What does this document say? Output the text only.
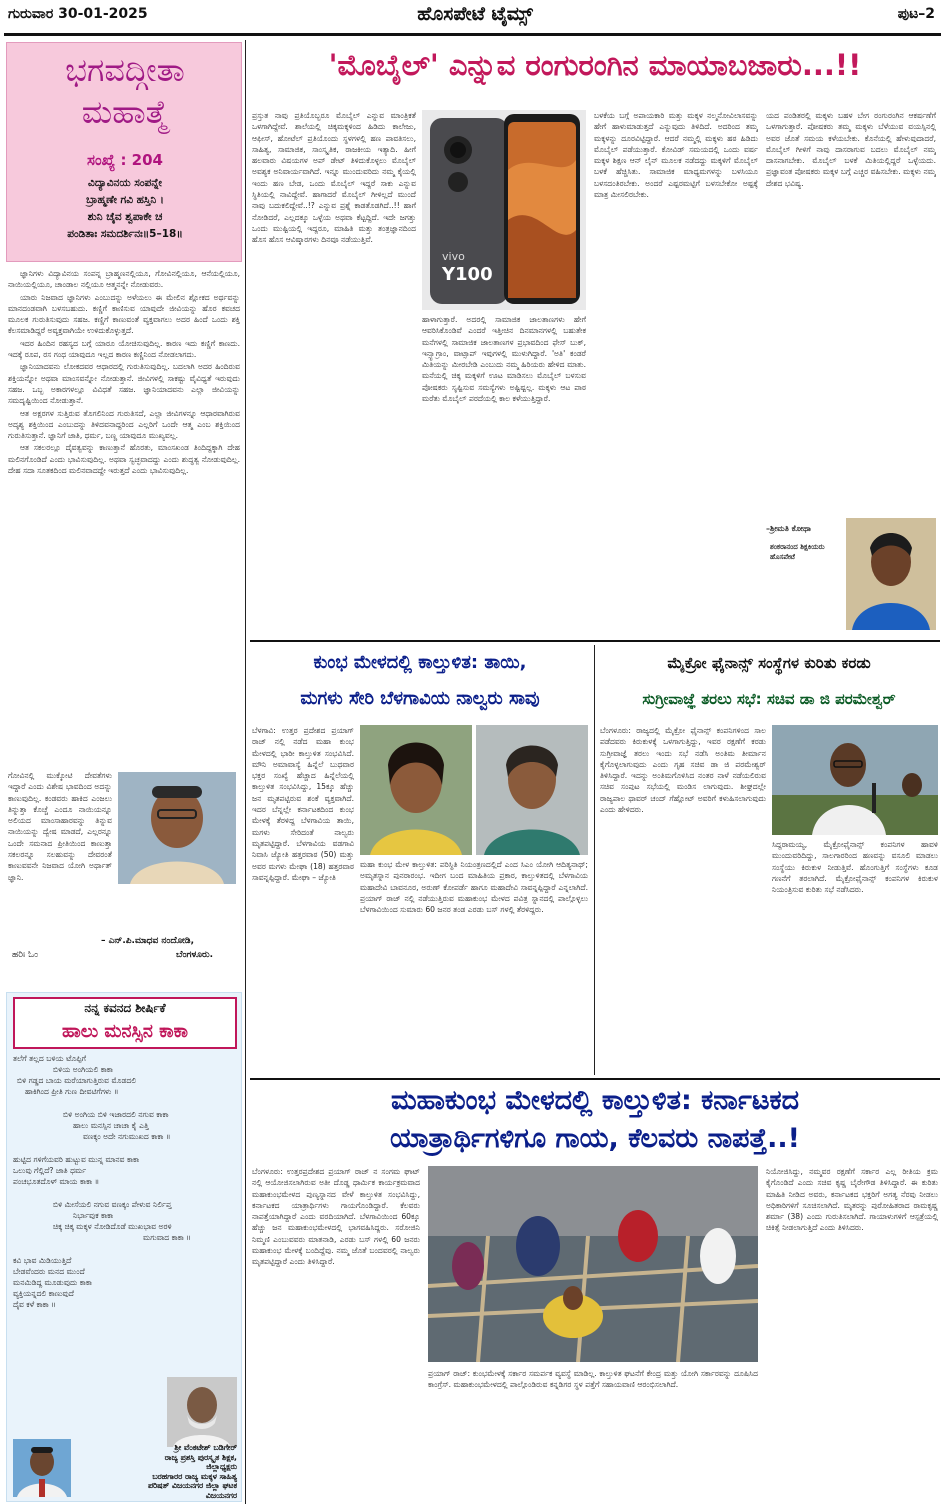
ಗುರುವಾರ 30-01-2025	ಹೊಸಪೇಟೆ ಟೈಮ್ಸ್	ಪುಟ–2
ಭಗವದ್ಗೀತಾ
ಮಹಾತ್ಮೆ
ಸಂಖ್ಯೆ : 204
ವಿದ್ಯಾವಿನಯ ಸಂಪನ್ನೇ
ಬ್ರಾಹ್ಮಣೇ ಗವಿ ಹಸ್ತಿನಿ ।
ಶುನಿ ಚೈವ ಶ್ವಪಾಕೇ ಚ
ಪಂಡಿತಾಃ ಸಮದರ್ಶಿನಃ॥5–18॥

ಜ್ಞಾನಿಗಳು ವಿದ್ಯಾವಿನಯ ಸಂಪನ್ನ ಬ್ರಾಹ್ಮಣನಲ್ಲಿಯೂ, ಗೋವಿನಲ್ಲಿಯೂ, ಆನೆಯಲ್ಲಿಯೂ, ನಾಯಿಯಲ್ಲಿಯೂ, ಚಾಂಡಾಲ ನಲ್ಲಿಯೂ ಆತ್ಮನನ್ನೇ ನೋಡುವರು.

ಯಾರು ನಿಜವಾದ ಜ್ಞಾನಿಗಳು ಎಂಬುದನ್ನು ಅಳೆಯಲು ಈ ಮೇಲಿನ ಶ್ಲೋಕದ ಅರ್ಥವನ್ನು ಮಾನದಂಡವಾಗಿ ಬಳಸಬಹುದು. ಕಣ್ಣಿಗೆ ಕಾಣಿಸುವ ಯಾವುದೇ ಜೀವಿಯನ್ನು ಹೊರ ಕವಚದ ಮೂಲಕ ಗುರುತಿಸುವುದು ಸಹಜ. ಕಣ್ಣಿಗೆ ಕಾಣುವಂತೆ ವ್ಯಕ್ತವಾಗಲು ಅದರ ಹಿಂದೆ ಒಂದು ಶಕ್ತಿ ಕೆಲಸಮಾಡಿದ್ದರೆ ಅವ್ಯಕ್ತವಾಗಿಯೇ ಉಳಿದುಕೊಳ್ಳುತ್ತದೆ.

ಇದರ ಹಿಂದಿನ ರಹಸ್ಯದ ಬಗ್ಗೆ ಯಾರೂ ಯೋಚಿಸುವುದಿಲ್ಲ. ಕಾರಣ ಇದು ಕಣ್ಣಿಗೆ ಕಾಣದು. ಇದಕ್ಕೆ ರೂಪ, ರಸ ಗಂಧ ಯಾವುದೂ ಇಲ್ಲದ ಕಾರಣ ಕಣ್ಣಿನಿಂದ ನೋಡಲಾಗದು.

ಜ್ಞಾನಿಯಾದವನು ಲೋಕದವರ ಆಧಾರದಲ್ಲಿ ಗುರುತಿಸುವುದಿಲ್ಲ. ಬದಲಾಗಿ ಅದರ ಹಿಂದಿರುವ ಶಕ್ತಿಯನ್ನೋ ಅಥವಾ ಮಾಂಸವನ್ನೋ ನೋಡುತ್ತಾನೆ. ಜೀವಿಗಳಲ್ಲಿ ಸಾಕಷ್ಟು ವೈವಿಧ್ಯತೆ ಇರುವುದು ಸಹಜ. ಒಬ್ಬ ಅಕಾರಗಳಲ್ಲೂ ವಿವಿಧತೆ ಸಹಜ. ಜ್ಞಾನಿಯಾದವನು ಎಲ್ಲಾ ಜೀವಿಯನ್ನು ಸಮದೃಷ್ಟಿಯಿಂದ ನೋಡುತ್ತಾನೆ.

ಆತ ಅಕ್ಷರಗಳ ಸುತ್ತಿರುವ ತೊಗಲಿನಿಂದ ಗುರುತಿಸದೆ, ಎಲ್ಲಾ ಜೀವಿಗಳನ್ನೂ ಆಧಾರವಾಗಿರುವ ಅದೃಶ್ಯ ಶಕ್ತಿಯಿಂದ ಎಂಬುದನ್ನು ತಿಳಿದವನಾದ್ದರಿಂದ ಎಲ್ಲರಿಗೆ ಒಂದೇ ಆತ್ಮ ಎಂಬ ಶಕ್ತಿಯಿಂದ ಗುರುತಿಸುತ್ತಾನೆ. ಜ್ಞಾನಿಗೆ ಜಾತಿ, ಧರ್ಮ, ಬಣ್ಣ ಯಾವುದೂ ಮುಖ್ಯವಲ್ಲ.

ಆತ ಸಕಲರಲ್ಲೂ ದೈವತ್ವವನ್ನು ಕಾಣುತ್ತಾನೆ ಹೊರತು, ಮಾಂಸಖಂಡ ತಿಂದಿದ್ದಕ್ಕಾಗಿ ದೇಹ ಮಲಿನಗೊಂಡಿದೆ ಎಂದು ಭಾವಿಸುವುದಿಲ್ಲ. ಅಥವಾ ಸ್ವಚ್ಛವಾದದ್ದು ಎಂದು ಶುದ್ಧತ್ವ ನೋಡುವುದಿಲ್ಲ. ದೇಹ ಸದಾ ಸೂತಕದಿಂದ ಮಲಿನವಾದದ್ದೇ ಇರುತ್ತದೆ ಎಂದು ಭಾವಿಸುವುದಿಲ್ಲ.

ಗೋವಿನಲ್ಲಿ ಮುಕ್ಕೋಟಿ ದೇವತೆಗಳು ಇದ್ದಾರೆ ಎಂದು ವಿಶೇಷ ಭಾವದಿಂದ ಅದನ್ನು ಕಾಣುವುದಿಲ್ಲ. ಕಂಡವರು ಹಾಕಿದ ಎಂಜಲು ತಿನ್ನುತ್ತಾ ಕೊಚ್ಚೆ ಎಂದೂ ನಾಯಿಯನ್ನೂ ಅಲಿಯದ ಮಾಂಸಾಹಾರವನ್ನು ತಿನ್ನುವ ನಾಯಿಯನ್ನು ದ್ವೇಷ ಮಾಡದೆ, ಎಲ್ಲರನ್ನೂ ಒಂದೇ ಸಮನಾದ ಪ್ರೀತಿಯಿಂದ ಕಾಣುತ್ತಾ ಸಕಲರನ್ನೂ ಸಲಹುವನ್ನು ದೇವರಂತೆ ಕಾಣುವವನೇ ನಿಜವಾದ ಯೋಗಿ ಅರ್ಥಾತ್ ಜ್ಞಾನಿ.
ಹರಿಃ ಓಂ
– ಎನ್.ಪಿ.ಮಾಧವ ನಂದೋಡಿ,
ಬೆಂಗಳೂರು.
ನನ್ನ ಕವನದ ಶೀರ್ಷಿಕೆ
ಹಾಲು ಮನಸ್ಸಿನ ಕಾಕಾ
ತಲೆಗೆ ತಲ್ಲದ ಬಳಿಯ ಟೊಪ್ಪಿಗೆ
ಬಿಳಿಯ ಅಂಗಿಯಲಿ ಕಾಕಾ
ಬಿಳಿ ಗಡ್ಡದ ಬಾಯ ಮರೆಯಾಗುತ್ತಿರುವ ಮೊಡದಲಿ
ಹಾಕಿಗಿಂದ ಪ್ರೀತಿ ಗುಣ ದೀವಟಿಗೆಗಳು ॥
ಬಿಳಿ ಅಂಗಿಯ ಬಿಳಿ ಇಜಾರದಲಿ ನಗುವ ಕಾಕಾ
ಹಾಲು ಮನಸ್ಸಿನ ಚಾಚಾ ಕೈ ಎತ್ತಿ
ವಣಕ್ಕಂ ಅದೇ ನಗುಮುಖದ ಕಾಕಾ ॥
ಹುಟ್ಟಿದ ಗಳಿಗೆಯವರಿ ಹುಟ್ಟುವ ಮುನ್ನ ಮಾನವ ಕಾಕಾ
ಒಲುವು ಗೆಲ್ಲಿದೆ? ಜಾತಿ ಧರ್ಮ
ಪಂಚಭೂತದೊಳ್ ಮಾಯ ಕಾಕಾ ॥
ಬಿಳಿ ಮೀಸೆಯಲಿ ನಗುವ ವಣಕ್ಕಂ ಪೇಳುವ ನಿರ್ಲಿಪ್ತ
ನಿರ್ಭಾವುಕ ಕಾಕಾ
ಚಿಕ್ಕ ಚಿಕ್ಕ ಮಕ್ಕಳ ನೋಡಿದೊಡೆ ಮುಖಭಾವ ಅರಳಿ
ಮಗುವಾದ ಕಾಕಾ ॥
ಕವಿ ಭಾವ ಮಿಡಿಯುತ್ತಿದೆ
ಬೇಡವೆಂದರು ಮನದ ಮುಂದೆ
ಮನಮಿಡಿದ್ದ ಮೂಡುವುದು ಕಾಕಾ
ವ್ಯಕ್ತಿಯನ್ನದಲಿ ಕಾಣುವುದೆ
ದೈವ ಕಳೆ ಕಾಕಾ ॥
ಶ್ರೀ ವೆಂಕಟೇಶ್ ಬಡಿಗೇರ್
ರಾಜ್ಯ ಪ್ರಶಸ್ತಿ ಪುರಸ್ಕೃತ ಶಿಕ್ಷಕ,
ಜಿಲ್ಲಾಧ್ಯಕ್ಷರು
ಬರಹಗಾರರ ರಾಜ್ಯ ಮಕ್ಕಳ ಸಾಹಿತ್ಯ
ಪರಿಷತ್ ವಿಜಯನಗರ ಜಿಲ್ಲಾ ಘಟಕ
ವಿಜಯನಗರ
'ಮೊಬೈಲ್' ಎನ್ನುವ ರಂಗುರಂಗಿನ ಮಾಯಾಬಜಾರು...!!
ಪ್ರಸ್ತುತ ನಾವು ಪ್ರತಿಯೊಬ್ಬರೂ ಮೊಬೈಲ್ ಎನ್ನುವ ಮಾಂತ್ರಿಕತೆ ಒಳಗಾಗಿದ್ದೇವೆ. ಶಾಲೆಯಲ್ಲಿ ಚಿಕ್ಕಮಕ್ಕಳಿಂದ ಹಿಡಿದು ಕಾಲೇಜು, ಆಫೀಸ್, ಹೋಟೆಲ್ ಪ್ರತಿಯೊಂದು ಸ್ಥಳಗಳಲ್ಲಿ ಹಣ ಪಾವತಿಸಲು, ಸಾಹಿತ್ಯ, ಸಾಮಾಜಿಕ, ಸಾಂಸ್ಕೃತಿಕ, ರಾಜಕೀಯ ಇತ್ಯಾದಿ. ಹೀಗೆ ಹಲವಾರು ವಿಷಯಗಳ ಅಪ್ ಡೇಟ್ ತಿಳಿದುಕೊಳ್ಳಲು ಮೊಬೈಲ್ ಅವಶ್ಯಕ ಅನಿವಾರ್ಯವಾಗಿದೆ. ಇನ್ನೂ ಮುಂದುವರಿದು ನಮ್ಮ ಕೈಯಲ್ಲಿ ಇಂದು ಹಣ ಬೇಡ, ಒಂದು ಮೊಬೈಲ್ ಇದ್ದರೆ ಸಾಕು ಎನ್ನುವ ಸ್ಥಿತಿಯಲ್ಲಿ ನಾವಿದ್ದೇವೆ. ಹಾಗಾದರೆ ಮೊಬೈಲ್ ಗೀಳಿಲ್ಲದೆ ಮುಂದೆ ನಾವು ಬದುಕಲಿದ್ದೇವೆ..!? ಎನ್ನುವ ಪ್ರಶ್ನೆ ಕಾಡತೊಡಗಿದೆ..!! ಹಾಗೆ ನೋಡಿದರೆ, ಎಲ್ಲದಕ್ಕೂ ಒಳ್ಳೆಯ ಅಥವಾ ಕೆಟ್ಟದ್ದಿದೆ. ಇದೇ ಜಗತ್ತು ಒಂದು ಮುಷ್ಟಿಯಲ್ಲಿ ಇದ್ದರೂ, ಮಾಹಿತಿ ಮತ್ತು ತಂತ್ರಜ್ಞಾನದಿಂದ ಹೊಸ ಹೊಸ ಆವಿಷ್ಕಾರಗಳು ದಿನವೂ ನಡೆಯುತ್ತಿವೆ.
vivo
Y100
ಹಾಳಾಗುತ್ತಾರೆ. ಅದರಲ್ಲಿ ಸಾಮಾಜಿಕ ಜಾಲತಾಣಗಳು ಹೇಗೆ ಆವರಿಸಿಕೊಂಡಿವೆ ಎಂದರೆ ಇತ್ತೀಚಿನ ದಿನಮಾನಗಳಲ್ಲಿ ಬಹುತೇಕ ಮನೆಗಳಲ್ಲಿ ಸಾಮಾಜಿಕ ಜಾಲತಾಣಗಳ ಪ್ರಭಾವದಿಂದ ಫೇಸ್ ಬುಕ್, ಇನ್ಸ್ಟಾಗ್ರಾಂ, ವಾಟ್ಸಾಪ್ ಇವುಗಳಲ್ಲಿ ಮುಳುಗಿದ್ದಾರೆ. 'ಅತಿ' ಕಂಡರೆ ಮಿತಿಯನ್ನು ಮೀರಬೇಡಿ ಎಂಬುದು ನಮ್ಮ ಹಿರಿಯರು ಹೇಳಿದ ಮಾತು. ಮನೆಯಲ್ಲಿ ಚಿಕ್ಕ ಮಕ್ಕಳಿಗೆ ಊಟ ಮಾಡಿಸಲು ಮೊಬೈಲ್ ಬಳಸುವ ಪೋಷಕರು ಸೃಷ್ಟಿಸುವ ಸಮಸ್ಯೆಗಳು ಅಷ್ಟಿಷ್ಟಲ್ಲ. ಮಕ್ಕಳು ಆಟ ಪಾಠ ಮರೆತು ಮೊಬೈಲ್ ಪರದೆಯಲ್ಲಿ ಕಾಲ ಕಳೆಯುತ್ತಿದ್ದಾರೆ.
ಬಳಕೆಯ ಬಗ್ಗೆ ಅಪಾಯಕಾರಿ ಮತ್ತು ಮಕ್ಕಳ ನಲ್ಮನೋವಿಲಾಸವನ್ನು ಹೇಗೆ ಹಾಳುಮಾಡುತ್ತದೆ ಎನ್ನುವುದು ತಿಳಿದಿದೆ. ಅದರಿಂದ ತಮ್ಮ ಮಕ್ಕಳನ್ನು ದೂರವಿಟ್ಟಿದ್ದಾರೆ. ಆದರೆ ನಮ್ಮಲ್ಲಿ ಮಕ್ಕಳು ಹಠ ಹಿಡಿದು ಮೊಬೈಲ್ ಪಡೆಯುತ್ತಾರೆ. ಕೋವಿಡ್ ಸಮಯದಲ್ಲಿ ಒಂದು ವರ್ಷ ಮಕ್ಕಳ ಶಿಕ್ಷಣ ಆನ್ ಲೈನ್ ಮೂಲಕ ನಡೆದದ್ದು ಮಕ್ಕಳಿಗೆ ಮೊಬೈಲ್ ಬಳಕೆ ಹೆಚ್ಚಿಸಿತು. ಸಾಮಾಜಿಕ ಮಾಧ್ಯಮಗಳನ್ನು ಬಳಸಿಯೂ ಬಳಸದಂತಿರಬೇಕು. ಅಂದರೆ ಎಷ್ಟರಮಟ್ಟಿಗೆ ಬಳಸಬೇಕೋ ಅಷ್ಟಕ್ಕೆ ಮಾತ್ರ ಮೀಸಲಿರಬೇಕು.
ಯದ ಪಂಡಿತರಲ್ಲಿ ಮಕ್ಕಳು ಬಹಳ ಬೇಗ ರಂಗುರಂಗಿನ ಆಕರ್ಷಣೆಗೆ ಒಳಗಾಗುತ್ತಾರೆ. ಪೋಷಕರು ತಮ್ಮ ಮಕ್ಕಳು ಬೆಳೆಯುವ ವಯಸ್ಸಿನಲ್ಲಿ ಅವರ ಜೊತೆ ಸಮಯ ಕಳೆಯಬೇಕು. ಕೊನೆಯಲ್ಲಿ ಹೇಳುವುದಾದರೆ, ಮೊಬೈಲ್ ಗೀಳಿಗೆ ನಾವು ದಾಸರಾಗುವ ಬದಲು ಮೊಬೈಲ್ ನಮ್ಮ ದಾಸನಾಗಬೇಕು. ಮೊಬೈಲ್ ಬಳಕೆ ಮಿತಿಯಲ್ಲಿದ್ದರೆ ಒಳ್ಳೆಯದು. ಪ್ರಜ್ಞಾವಂತ ಪೋಷಕರು ಮಕ್ಕಳ ಬಗ್ಗೆ ಎಚ್ಚರ ವಹಿಸಬೇಕು. ಮಕ್ಕಳು ನಮ್ಮ ದೇಶದ ಭವಿಷ್ಯ.
–ಶ್ರೀಮತಿ ಕೋಥಾ
ಶಂಕರಾನಂದ ಶಿಕ್ಷಕಿಯರು ಹೊಸಪೇಟೆ
ಕುಂಭ ಮೇಳದಲ್ಲಿ ಕಾಲ್ತುಳಿತ: ತಾಯಿ,
ಮಗಳು ಸೇರಿ ಬೆಳಗಾವಿಯ ನಾಲ್ವರು ಸಾವು
ಬೆಳಗಾವಿ: ಉತ್ತರ ಪ್ರದೇಶದ ಪ್ರಯಾಗ್ ರಾಜ್ ನಲ್ಲಿ ನಡೆದ ಮಹಾ ಕುಂಭ ಮೇಳದಲ್ಲಿ ಭಾರೀ ಕಾಲ್ತುಳಿತ ಸಂಭವಿಸಿದೆ. ಮೌನಿ ಅಮಾವಾಸ್ಯೆ ಹಿನ್ನೆಲೆ ಬುಧವಾರ ಭಕ್ತರ ಸಂಖ್ಯೆ ಹೆಚ್ಚಾದ ಹಿನ್ನೆಲೆಯಲ್ಲಿ ಕಾಲ್ತುಳಿತ ಸಂಭವಿಸಿದ್ದು, 15ಕ್ಕೂ ಹೆಚ್ಚು ಜನ ಮೃತಪಟ್ಟಿರುವ ಶಂಕೆ ವ್ಯಕ್ತವಾಗಿದೆ. ಇದರ ಬೆನ್ನಲ್ಲೇ ಕರ್ನಾಟಕದಿಂದ ಕುಂಭ ಮೇಳಕ್ಕೆ ತೆರಳಿದ್ದ ಬೆಳಗಾವಿಯ ತಾಯಿ, ಮಗಳು ಸೇರಿದಂತೆ ನಾಲ್ವರು ಮೃತಪಟ್ಟಿದ್ದಾರೆ. ಬೆಳಗಾವಿಯ ವಡಗಾವಿ ನಿವಾಸಿ ಜ್ಯೋತಿ ಹತ್ತರವಾಠ (50) ಮತ್ತು ಅವರ ಮಗಳು ಮೇಘಾ (18) ಹತ್ತರವಾಠ ಸಾವನ್ನಪ್ಪಿದ್ದಾರೆ. ಮೇಘಾ – ಜ್ಯೋತಿ
ಮಹಾ ಕುಂಭ ಮೇಳ ಕಾಲ್ತುಳಿತ: ಪರಿಸ್ಥಿತಿ ನಿಯಂತ್ರಣದಲ್ಲಿದೆ ಎಂದ ಸಿಎಂ ಯೋಗಿ ಆದಿತ್ಯನಾಥ್; ಅಮೃತಸ್ನಾನ ಪುನರಾರಂಭ. ಇದೀಗ ಬಂದ ಮಾಹಿತಿಯ ಪ್ರಕಾರ, ಕಾಲ್ತುಳಿತದಲ್ಲಿ ಬೆಳಗಾವಿಯ ಮಹಾದೇವಿ ಬಾವನೂರ, ಅರುಣ್ ಕೋಪರ್ಡೆ ಹಾಗೂ ಮಹಾದೇವಿ ಸಾವನ್ನಪ್ಪಿದ್ದಾರೆ ಎನ್ನಲಾಗಿದೆ. ಪ್ರಯಾಗ್ ರಾಜ್ ನಲ್ಲಿ ನಡೆಯುತ್ತಿರುವ ಮಹಾಕುಂಭ ಮೇಳದ ಪವಿತ್ರ ಸ್ನಾನದಲ್ಲಿ ಪಾಲ್ಗೊಳ್ಳಲು ಬೆಳಗಾವಿಯಿಂದ ಸುಮಾರು 60 ಜನರ ತಂಡ ಎರಡು ಬಸ್ ಗಳಲ್ಲಿ ತೆರಳಿದ್ದರು.
ಮೈಕ್ರೋ ಫೈನಾನ್ಸ್ ಸಂಸ್ಥೆಗಳ ಕುರಿತು ಕರಡು
ಸುಗ್ರೀವಾಜ್ಞೆ ತರಲು ಸಭೆ: ಸಚಿವ ಡಾ ಜಿ ಪರಮೇಶ್ವರ್
ಬೆಂಗಳೂರು: ರಾಜ್ಯದಲ್ಲಿ ಮೈಕ್ರೋ ಫೈನಾನ್ಸ್ ಕಂಪನಿಗಳಿಂದ ಸಾಲ ಪಡೆದವರು ಕಿರುಕುಳಕ್ಕೆ ಒಳಗಾಗುತ್ತಿದ್ದು, ಇವರ ರಕ್ಷಣೆಗೆ ಕರಡು ಸುಗ್ರೀವಾಜ್ಞೆ ತರಲು ಇಂದು ಸಭೆ ನಡೆಸಿ ಅಂತಿಮ ತೀರ್ಮಾನ ಕೈಗೊಳ್ಳಲಾಗುವುದು ಎಂದು ಗೃಹ ಸಚಿವ ಡಾ ಜಿ ಪರಮೇಶ್ವರ್ ತಿಳಿಸಿದ್ದಾರೆ. ಇದನ್ನು ಅಂತಿಮಗೊಳಿಸಿದ ನಂತರ ನಾಳೆ ನಡೆಯಲಿರುವ ಸಚಿವ ಸಂಪುಟ ಸಭೆಯಲ್ಲಿ ಮಂಡಿಸ ಲಾಗುವುದು. ಶೀಘ್ರದಲ್ಲೇ ರಾಜ್ಯಪಾಲ ಥಾವರ್ ಚಂದ್ ಗೆಹ್ಲೋಟ್ ಅವರಿಗೆ ಕಳುಹಿಸಲಾಗುವುದು ಎಂದು ಹೇಳಿದರು.
ಸಿದ್ದರಾಮಯ್ಯ, ಮೈಕ್ರೋಫೈನಾನ್ಸ್ ಕಂಪನಿಗಳ ಹಾವಳಿ ಮುಂದುವರಿದಿದ್ದು, ಸಾಲಗಾರರಿಂದ ಹಣವನ್ನು ವಸೂಲಿ ಮಾಡಲು ಸಂಸ್ಥೆಯು ಕಿರುಕುಳ ನೀಡುತ್ತಿವೆ. ಹೊಂಗುತ್ತಿಗೆ ಸಂಸ್ಥೆಗಳು ಕೂಡ ಗಣನೆಗೆ ತರಲಾಗಿದೆ. ಮೈಕ್ರೋಫೈನಾನ್ಸ್ ಕಂಪನಿಗಳ ಕಿರುಕುಳ ನಿಯಂತ್ರಿಸುವ ಕುರಿತು ಸಭೆ ನಡೆಸಿದರು.
ಮಹಾಕುಂಭ ಮೇಳದಲ್ಲಿ ಕಾಲ್ತುಳಿತ: ಕರ್ನಾಟಕದ
ಯಾತ್ರಾರ್ಥಿಗಳಿಗೂ ಗಾಯ, ಕೆಲವರು ನಾಪತ್ತೆ..!
ಬೆಂಗಳೂರು: ಉತ್ತರಪ್ರದೇಶದ ಪ್ರಯಾಗ್ ರಾಜ್ ನ ಸಂಗಮ ಘಾಟ್ ನಲ್ಲಿ ಆಯೋಜಿಸಲಾಗಿರುವ ಅತೀ ದೊಡ್ಡ ಧಾರ್ಮಿಕ ಕಾರ್ಯಕ್ರಮವಾದ ಮಹಾಕುಂಭಮೇಳದ ಪುಣ್ಯಸ್ನಾನದ ವೇಳೆ ಕಾಲ್ತುಳಿತ ಸಂಭವಿಸಿದ್ದು, ಕರ್ನಾಟಕದ ಯಾತ್ರಾರ್ಥಿಗಳು ಗಾಯಗೊಂಡಿದ್ದಾರೆ. ಕೆಲವರು ನಾಪತ್ತೆಯಾಗಿದ್ದಾರೆ ಎಂದು ವರದಿಯಾಗಿದೆ. ಬೆಳಗಾವಿಯಿಂದ 60ಕ್ಕೂ ಹೆಚ್ಚು ಜನ ಮಹಾಕುಂಭಮೇಳದಲ್ಲಿ ಭಾಗವಹಿಸಿದ್ದರು. ಸರೋಜಿನಿ ನಿಮ್ಮಣಿ ಎಂಬುವವರು ಮಾತನಾಡಿ, ಎರಡು ಬಸ್ ಗಳಲ್ಲಿ 60 ಜನರು ಮಹಾಕುಂಭ ಮೇಳಕ್ಕೆ ಬಂದಿದ್ದೆವು. ನಮ್ಮ ಜೊತೆ ಬಂದವರಲ್ಲಿ ನಾಲ್ವರು ಮೃತಪಟ್ಟಿದ್ದಾರೆ ಎಂದು ತಿಳಿಸಿದ್ದಾರೆ.
ಪ್ರಯಾಗ್ ರಾಜ್: ಕುಂಭಮೇಳಕ್ಕೆ ಸರ್ಕಾರ ಸಮರ್ಪಕ ವ್ಯವಸ್ಥೆ ಮಾಡಿಲ್ಲ. ಕಾಲ್ತುಳಿತ ಘಟನೆಗೆ ಕೇಂದ್ರ ಮತ್ತು ಯೋಗಿ ಸರ್ಕಾರವನ್ನು ದೂಷಿಸಿದ ಕಾಂಗ್ರೆಸ್. ಮಹಾಕುಂಭಮೇಳದಲ್ಲಿ ಪಾಲ್ಗೊಂಡಿರುವ ಕನ್ನಡಿಗರ ಸ್ಥಳ ಪತ್ತೆಗೆ ಸಹಾಯವಾಣಿ ಆರಂಭಿಸಲಾಗಿದೆ.
ನಿಯೋಜಿಸಿದ್ದು, ನಮ್ಮವರ ರಕ್ಷಣೆಗೆ ಸರ್ಕಾರ ಎಲ್ಲ ರೀತಿಯ ಕ್ರಮ ಕೈಗೊಂಡಿದೆ ಎಂದು ಸಚಿವ ಕೃಷ್ಣ ಬೈರೇಗೌಡ ತಿಳಿಸಿದ್ದಾರೆ. ಈ ಕುರಿತು ಮಾಹಿತಿ ನೀಡಿದ ಅವರು, ಕರ್ನಾಟಕದ ಭಕ್ತರಿಗೆ ಅಗತ್ಯ ನೆರವು ನೀಡಲು ಅಧಿಕಾರಿಗಳಿಗೆ ಸೂಚಿಸಲಾಗಿದೆ. ಮೃತರನ್ನು ಪುರೋಹಿತರಾದ ರಾಮಕೃಷ್ಣ ಶರ್ಮಾ (38) ಎಂದು ಗುರುತಿಸಲಾಗಿದೆ. ಗಾಯಾಳುಗಳಿಗೆ ಆಸ್ಪತ್ರೆಯಲ್ಲಿ ಚಿಕಿತ್ಸೆ ನೀಡಲಾಗುತ್ತಿದೆ ಎಂದು ತಿಳಿಸಿದರು.
